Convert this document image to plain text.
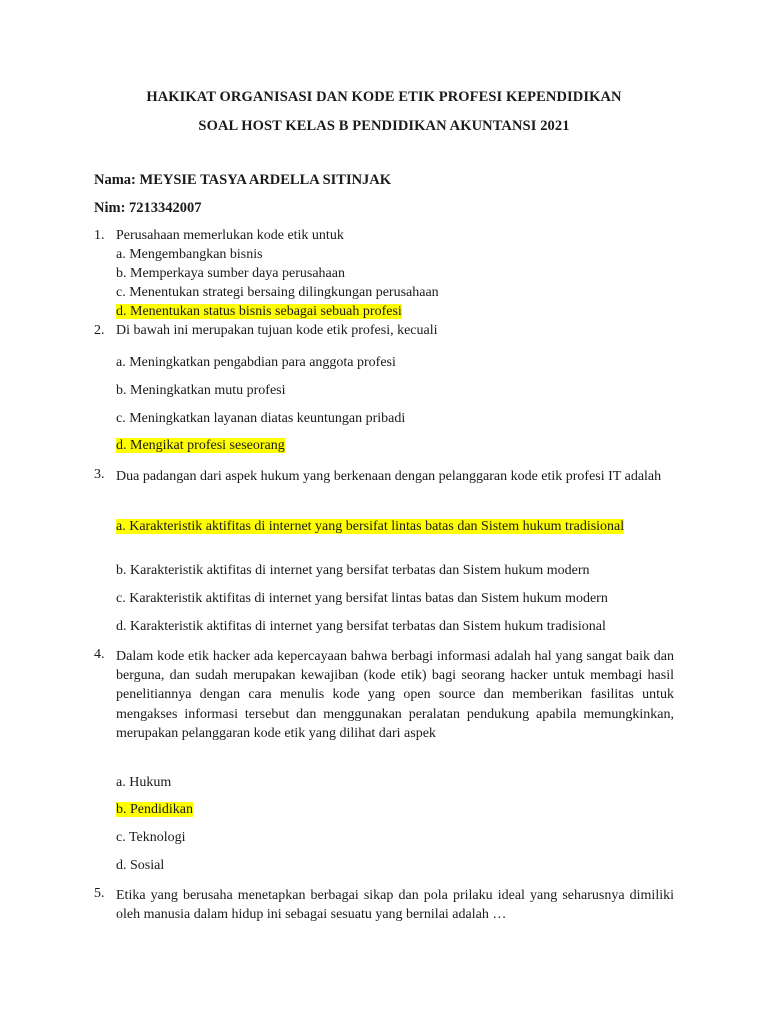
HAKIKAT ORGANISASI DAN KODE ETIK PROFESI KEPENDIDIKAN
SOAL HOST KELAS B PENDIDIKAN AKUNTANSI 2021
Nama: MEYSIE TASYA ARDELLA SITINJAK
Nim: 7213342007
1. Perusahaan memerlukan kode etik untuk
a. Mengembangkan bisnis
b. Memperkaya sumber daya perusahaan
c. Menentukan strategi bersaing dilingkungan perusahaan
d. Menentukan status bisnis sebagai sebuah profesi
2. Di bawah ini merupakan tujuan kode etik profesi, kecuali
a. Meningkatkan pengabdian para anggota profesi
b. Meningkatkan mutu profesi
c. Meningkatkan layanan diatas keuntungan pribadi
d. Mengikat profesi seseorang
3. Dua padangan dari aspek hukum yang berkenaan dengan pelanggaran kode etik profesi IT adalah
a. Karakteristik aktifitas di internet yang bersifat lintas batas dan Sistem hukum tradisional
b. Karakteristik aktifitas di internet yang bersifat terbatas dan Sistem hukum modern
c. Karakteristik aktifitas di internet yang bersifat lintas batas dan Sistem hukum modern
d. Karakteristik aktifitas di internet yang bersifat terbatas dan Sistem hukum tradisional
4. Dalam kode etik hacker ada kepercayaan bahwa berbagi informasi adalah hal yang sangat baik dan berguna, dan sudah merupakan kewajiban (kode etik) bagi seorang hacker untuk membagi hasil penelitiannya dengan cara menulis kode yang open source dan memberikan fasilitas untuk mengakses informasi tersebut dan menggunakan peralatan pendukung apabila memungkinkan, merupakan pelanggaran kode etik yang dilihat dari aspek
a. Hukum
b. Pendidikan
c. Teknologi
d. Sosial
5. Etika yang berusaha menetapkan berbagai sikap dan pola prilaku ideal yang seharusnya dimiliki oleh manusia dalam hidup ini sebagai sesuatu yang bernilai adalah …
